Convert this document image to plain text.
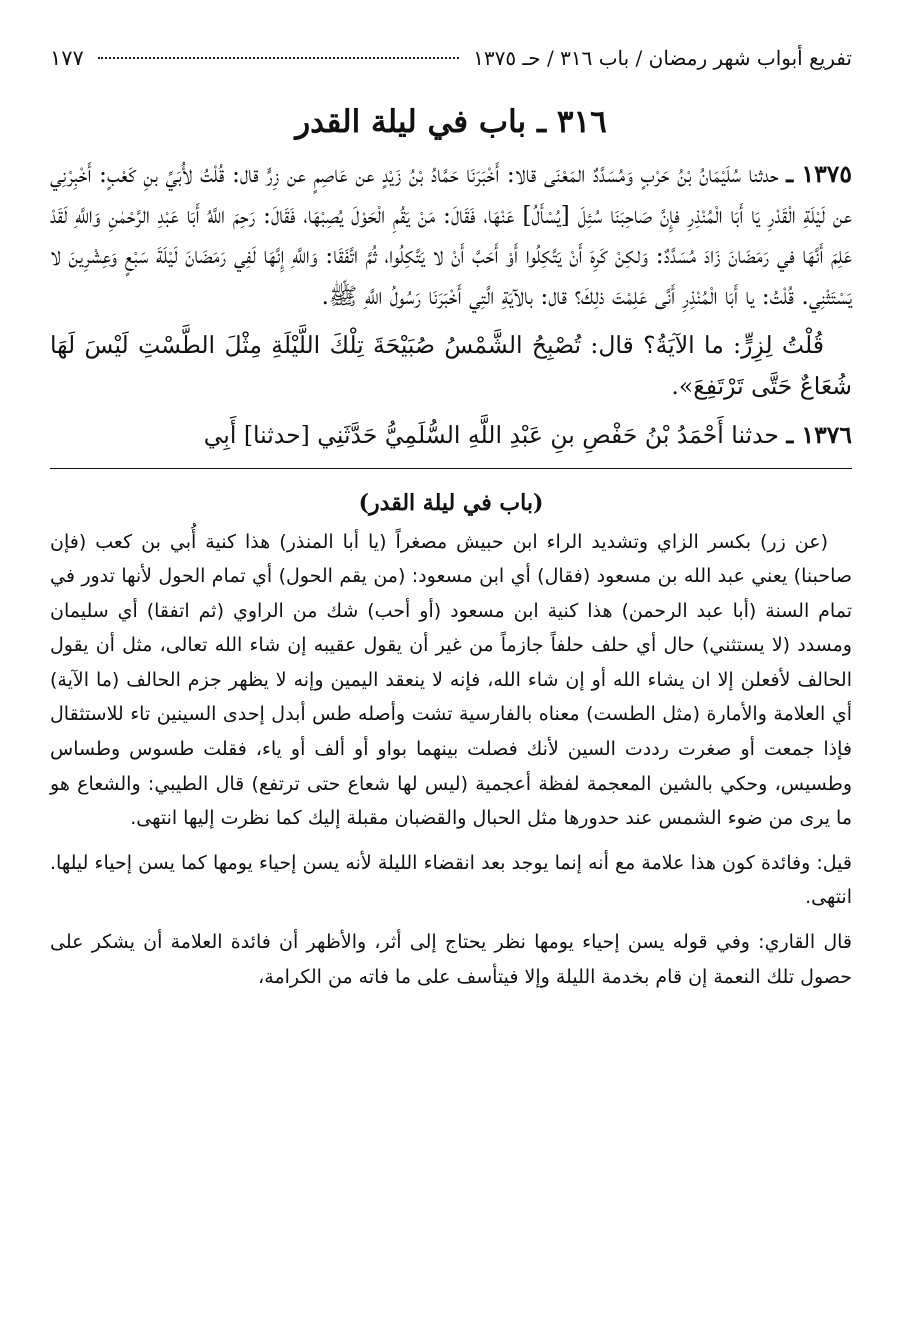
تفريع أبواب شهر رمضان / باب ٣١٦ / حـ ١٣٧٥
١٧٧
٣١٦ ـ باب في ليلة القدر

١٣٧٥ ـ حدثنا سُلَيْمَانُ بْنُ حَرْبٍ وَمُسَدَّدٌ المَعْنَى قالا: أَخْبَرَنَا حَمَّادُ بْنُ زَيْدٍ عن عَاصِمٍ عن زِرٍّ قال: قُلْتُ لأُبَيِّ بنِ كَعْبٍ: أَخْبِرْنِي عن لَيْلَةِ الْقَدْرِ يَا أَبَا الْمُنْذِرِ فإِنَّ صَاحِبَنَا سُئِلَ [يُسْأَلُ] عَنْهَا، فَقَالَ: مَنْ يَقُمِ الْحَوْلَ يُصِبْهَا، فَقَالَ: رَحِمَ اللَّهُ أَبَا عَبْدِ الرَّحْمٰنِ وَاللَّهِ لَقَدْ عَلِمَ أَنَّهَا في رَمَضَانَ زَادَ مُسَدَّدٌ: وَلكِنْ كَرِهَ أَنْ يَتَّكِلُوا أَوْ أَحَبَّ أَنْ لا يَتَّكِلُوا، ثُمَّ اتَّفَقَا: وَاللَّهِ إِنَّهَا لَفِي رَمَضَانَ لَيْلَةَ سَبْعٍ وَعِشْرِينَ لا يَسْتَثْنِي. قُلْتُ: يا أَبَا الْمُنْذِرِ أَنَّى عَلِمْتَ ذلِكَ؟ قال: بالآيَةِ الَّتِي أَخْبَرَنَا رَسُولُ اللَّهِ ﷺ.

قُلْتُ لِزِرٍّ: ما الآيَةُ؟ قال: تُصْبِحُ الشَّمْسُ صُبَيْحَةَ تِلْكَ اللَّيْلَةِ مِثْلَ الطَّسْتِ لَيْسَ لَهَا شُعَاعٌ حَتَّى تَرْتَفِعَ».

١٣٧٦ ـ حدثنا أَحْمَدُ بْنُ حَفْصِ بنِ عَبْدِ اللَّهِ السُّلَمِيُّ حَدَّثَنِي [حدثنا] أَبِي

(باب في ليلة القدر)

(عن زر) بكسر الزاي وتشديد الراء ابن حبيش مصغراً (يا أبا المنذر) هذا كنية أُبي بن كعب (فإن صاحبنا) يعني عبد الله بن مسعود (فقال) أي ابن مسعود: (من يقم الحول) أي تمام الحول لأنها تدور في تمام السنة (أبا عبد الرحمن) هذا كنية ابن مسعود (أو أحب) شك من الراوي (ثم اتفقا) أي سليمان ومسدد (لا يستثني) حال أي حلف حلفاً جازماً من غير أن يقول عقيبه إن شاء الله تعالى، مثل أن يقول الحالف لأفعلن إلا ان يشاء الله أو إن شاء الله، فإنه لا ينعقد اليمين وإنه لا يظهر جزم الحالف (ما الآية) أي العلامة والأمارة (مثل الطست) معناه بالفارسية تشت وأصله طس أبدل إحدى السينين تاء للاستثقال فإذا جمعت أو صغرت رددت السين لأنك فصلت بينهما بواو أو ألف أو ياء، فقلت طسوس وطساس وطسيس، وحكي بالشين المعجمة لفظة أعجمية (ليس لها شعاع حتى ترتفع) قال الطيبي: والشعاع هو ما يرى من ضوء الشمس عند حدورها مثل الحبال والقضبان مقبلة إليك كما نظرت إليها انتهى.

قيل: وفائدة كون هذا علامة مع أنه إنما يوجد بعد انقضاء الليلة لأنه يسن إحياء يومها كما يسن إحياء ليلها. انتهى.

قال القاري: وفي قوله يسن إحياء يومها نظر يحتاج إلى أثر، والأظهر أن فائدة العلامة أن يشكر على حصول تلك النعمة إن قام بخدمة الليلة وإلا فيتأسف على ما فاته من الكرامة،
